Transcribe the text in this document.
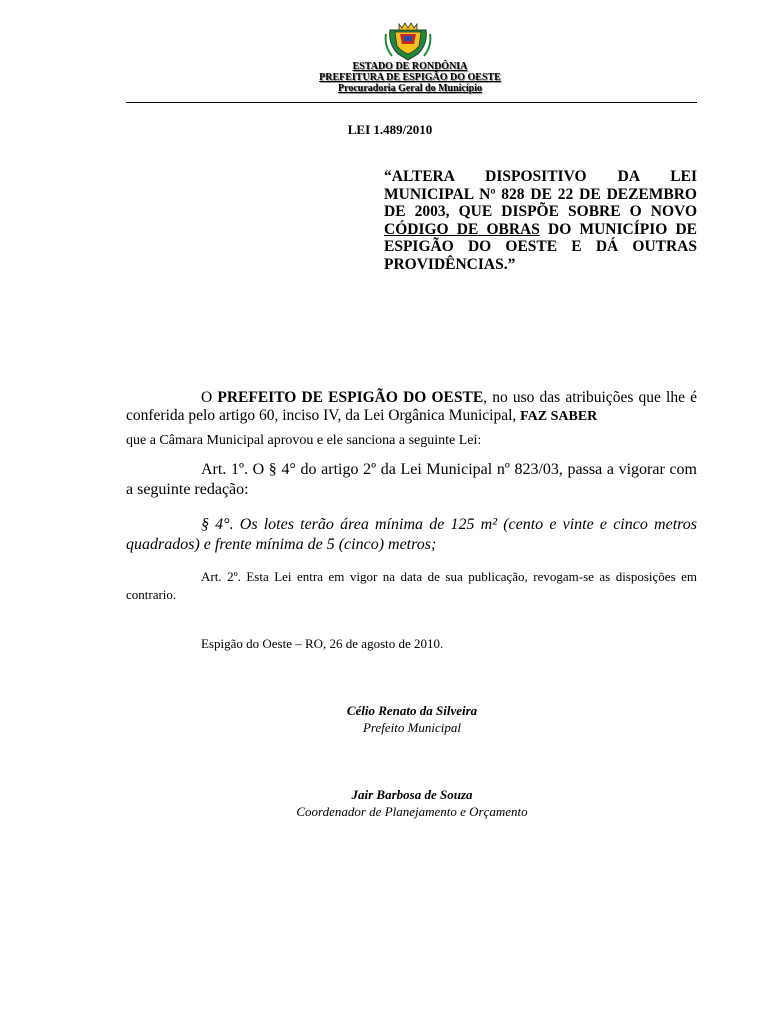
ESTADO DE RONDÔNIA
PREFEITURA DE ESPIGÃO DO OESTE
Procuradoria Geral do Município
LEI 1.489/2010
“ALTERA DISPOSITIVO DA LEI MUNICIPAL Nº 828 DE 22 DE DEZEMBRO DE 2003, QUE DISPÕE SOBRE O NOVO CÓDIGO DE OBRAS DO MUNICÍPIO DE ESPIGÃO DO OESTE E DÁ OUTRAS PROVIDÊNCIAS.”
O PREFEITO DE ESPIGÃO DO OESTE, no uso das atribuições que lhe é conferida pelo artigo 60, inciso IV, da Lei Orgânica Municipal, FAZ SABER
que a Câmara Municipal aprovou e ele sanciona a seguinte Lei:
Art. 1º. O § 4° do artigo 2º da Lei Municipal nº 823/03, passa a vigorar com a seguinte redação:
§ 4°. Os lotes terão área mínima de 125 m² (cento e vinte e cinco metros quadrados) e frente mínima de 5 (cinco) metros;
Art. 2º. Esta Lei entra em vigor na data de sua publicação, revogam-se as disposições em contrario.
Espigão do Oeste – RO, 26 de agosto de 2010.
Célio Renato da Silveira
Prefeito Municipal
Jair Barbosa de Souza
Coordenador de Planejamento e Orçamento
